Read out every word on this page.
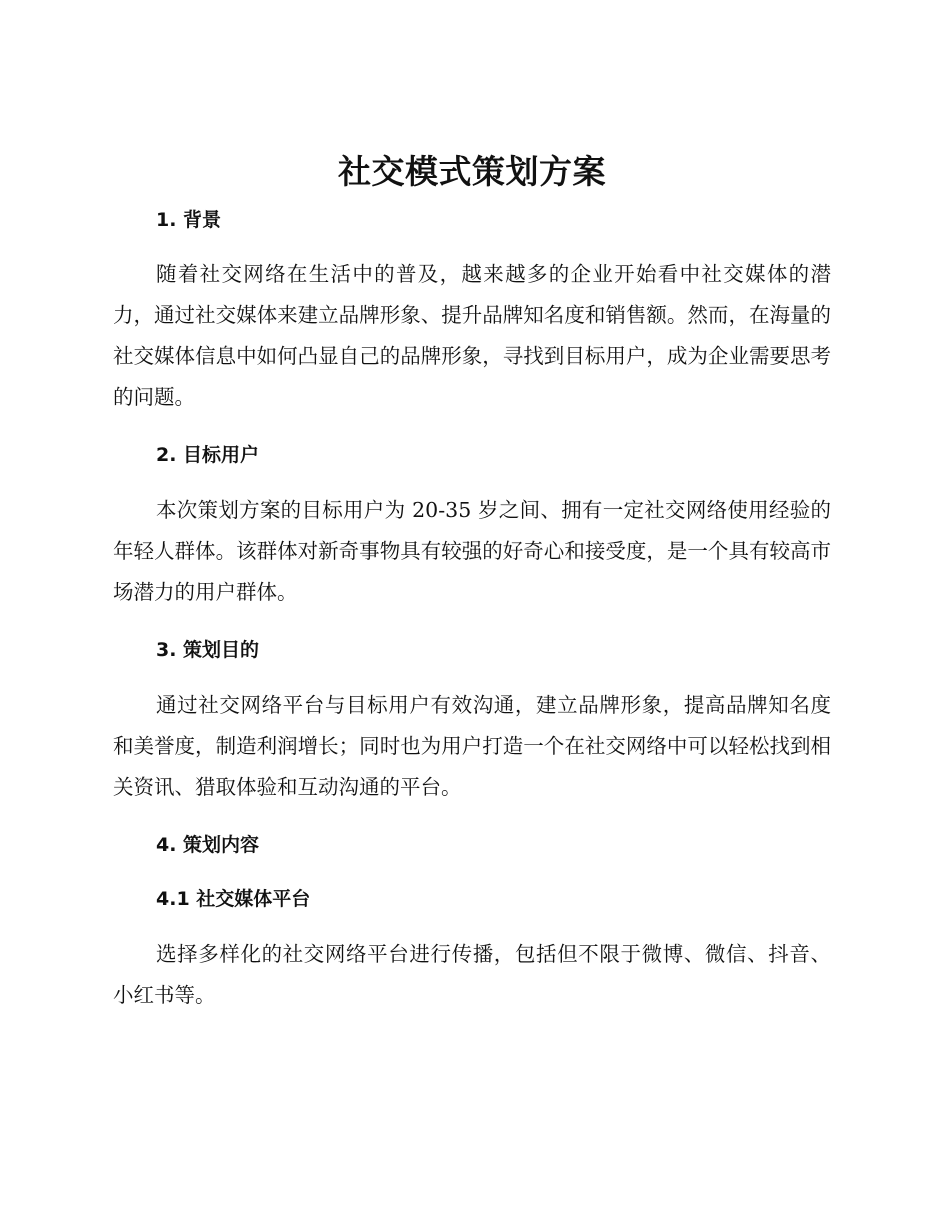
社交模式策划方案
1. 背景

随着社交网络在生活中的普及，越来越多的企业开始看中社交媒体的潜力，通过社交媒体来建立品牌形象、提升品牌知名度和销售额。然而，在海量的社交媒体信息中如何凸显自己的品牌形象，寻找到目标用户，成为企业需要思考的问题。

2. 目标用户

本次策划方案的目标用户为 20-35 岁之间、拥有一定社交网络使用经验的年轻人群体。该群体对新奇事物具有较强的好奇心和接受度，是一个具有较高市场潜力的用户群体。

3. 策划目的

通过社交网络平台与目标用户有效沟通，建立品牌形象，提高品牌知名度和美誉度，制造利润增长；同时也为用户打造一个在社交网络中可以轻松找到相关资讯、猎取体验和互动沟通的平台。

4. 策划内容
4.1 社交媒体平台

选择多样化的社交网络平台进行传播，包括但不限于微博、微信、抖音、小红书等。
